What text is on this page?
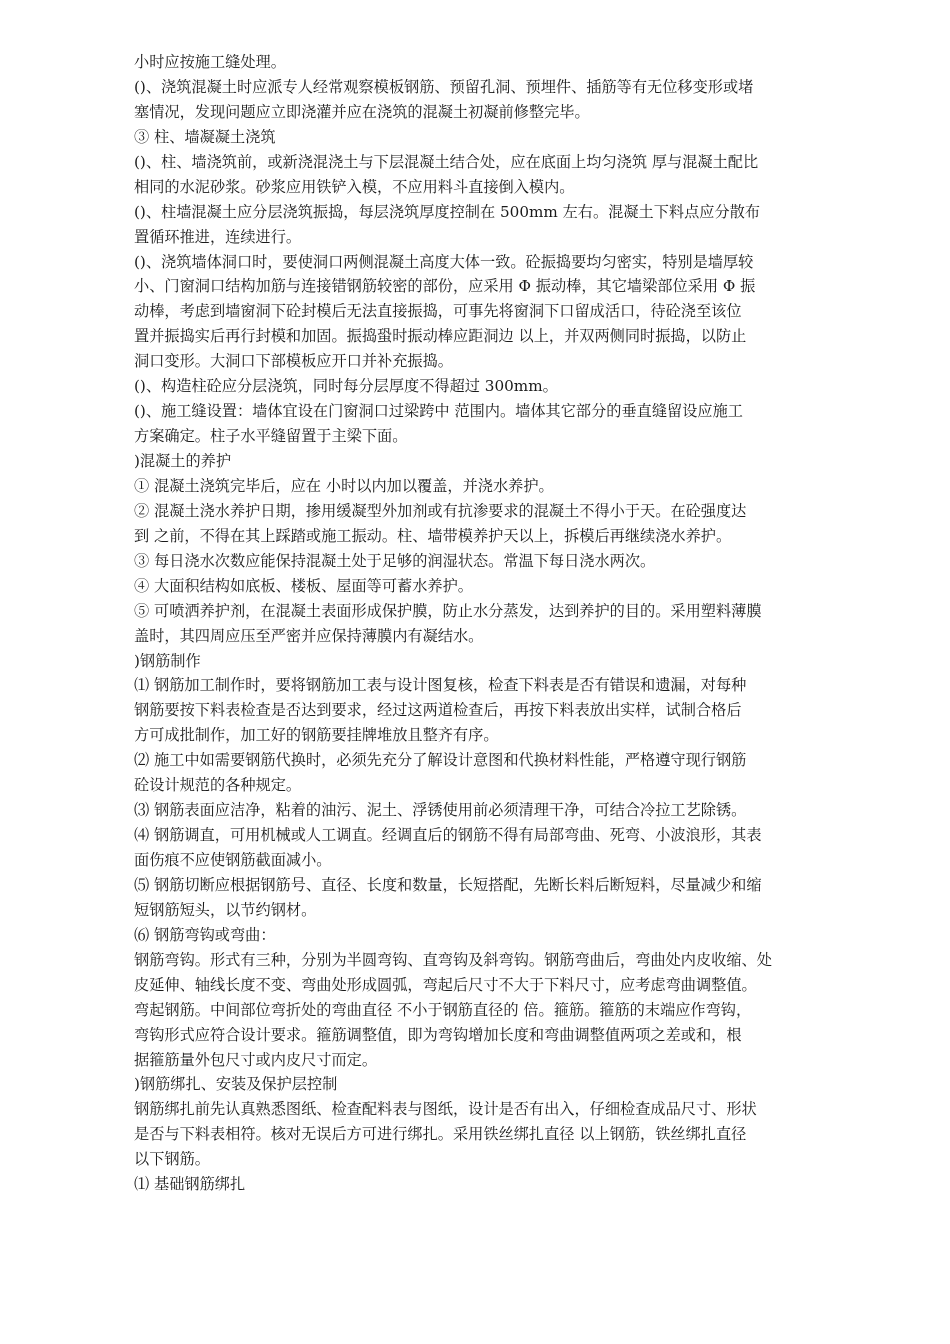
小时应按施工缝处理。
()、浇筑混凝土时应派专人经常观察模板钢筋、预留孔洞、预埋件、插筋等有无位移变形或堵
塞情况，发现问题应立即浇灌并应在浇筑的混凝土初凝前修整完毕。
③ 柱、墙凝凝土浇筑
()、柱、墙浇筑前，或新浇混浇土与下层混凝土结合处，应在底面上均匀浇筑 厚与混凝土配比
相同的水泥砂浆。砂浆应用铁铲入模，不应用料斗直接倒入模内。
()、柱墙混凝土应分层浇筑振捣，每层浇筑厚度控制在 500mm 左右。混凝土下料点应分散布
置循环推进，连续进行。
()、浇筑墙体洞口时，要使洞口两侧混凝土高度大体一致。砼振捣要均匀密实，特别是墙厚较
小、门窗洞口结构加筋与连接错钢筋较密的部份，应采用 Φ 振动棒，其它墙梁部位采用 Φ 振
动棒，考虑到墙窗洞下砼封模后无法直接振捣，可事先将窗洞下口留成活口，待砼浇至该位
置并振捣实后再行封模和加固。振捣蛩时振动棒应距洞边 以上，并双两侧同时振捣，以防止
洞口变形。大洞口下部模板应开口并补充振捣。
()、构造柱砼应分层浇筑，同时每分层厚度不得超过 300mm。
()、施工缝设置：墙体宜设在门窗洞口过梁跨中 范围内。墙体其它部分的垂直缝留设应施工
方案确定。柱子水平缝留置于主梁下面。
)混凝土的养护
① 混凝土浇筑完毕后，应在 小时以内加以覆盖，并浇水养护。
② 混凝土浇水养护日期，掺用缓凝型外加剂或有抗渗要求的混凝土不得小于天。在砼强度达
到 之前，不得在其上踩踏或施工振动。柱、墙带模养护天以上，拆模后再继续浇水养护。
③ 每日浇水次数应能保持混凝土处于足够的润湿状态。常温下每日浇水两次。
④ 大面积结构如底板、楼板、屋面等可蓄水养护。
⑤ 可喷洒养护剂，在混凝土表面形成保护膜，防止水分蒸发，达到养护的目的。采用塑料薄膜
盖时，其四周应压至严密并应保持薄膜内有凝结水。
)钢筋制作
⑴ 钢筋加工制作时，要将钢筋加工表与设计图复核，检查下料表是否有错误和遗漏，对每种
钢筋要按下料表检查是否达到要求，经过这两道检查后，再按下料表放出实样，试制合格后
方可成批制作，加工好的钢筋要挂牌堆放且整齐有序。
⑵ 施工中如需要钢筋代换时，必须先充分了解设计意图和代换材料性能，严格遵守现行钢筋
砼设计规范的各种规定。
⑶ 钢筋表面应洁净，粘着的油污、泥土、浮锈使用前必须清理干净，可结合冷拉工艺除锈。
⑷ 钢筋调直，可用机械或人工调直。经调直后的钢筋不得有局部弯曲、死弯、小波浪形，其表
面伤痕不应使钢筋截面减小。
⑸ 钢筋切断应根据钢筋号、直径、长度和数量，长短搭配，先断长料后断短料，尽量减少和缩
短钢筋短头，以节约钢材。
⑹ 钢筋弯钩或弯曲：
钢筋弯钩。形式有三种，分别为半圆弯钩、直弯钩及斜弯钩。钢筋弯曲后，弯曲处内皮收缩、处
皮延伸、轴线长度不变、弯曲处形成圆弧，弯起后尺寸不大于下料尺寸，应考虑弯曲调整值。
弯起钢筋。中间部位弯折处的弯曲直径 不小于钢筋直径的 倍。箍筋。箍筋的末端应作弯钩，
弯钩形式应符合设计要求。箍筋调整值，即为弯钩增加长度和弯曲调整值两项之差或和，根
据箍筋量外包尺寸或内皮尺寸而定。
)钢筋绑扎、安装及保护层控制
钢筋绑扎前先认真熟悉图纸、检查配料表与图纸，设计是否有出入，仔细检查成品尺寸、形状
是否与下料表相符。核对无误后方可进行绑扎。采用铁丝绑扎直径 以上钢筋，铁丝绑扎直径
以下钢筋。
⑴ 基础钢筋绑扎
